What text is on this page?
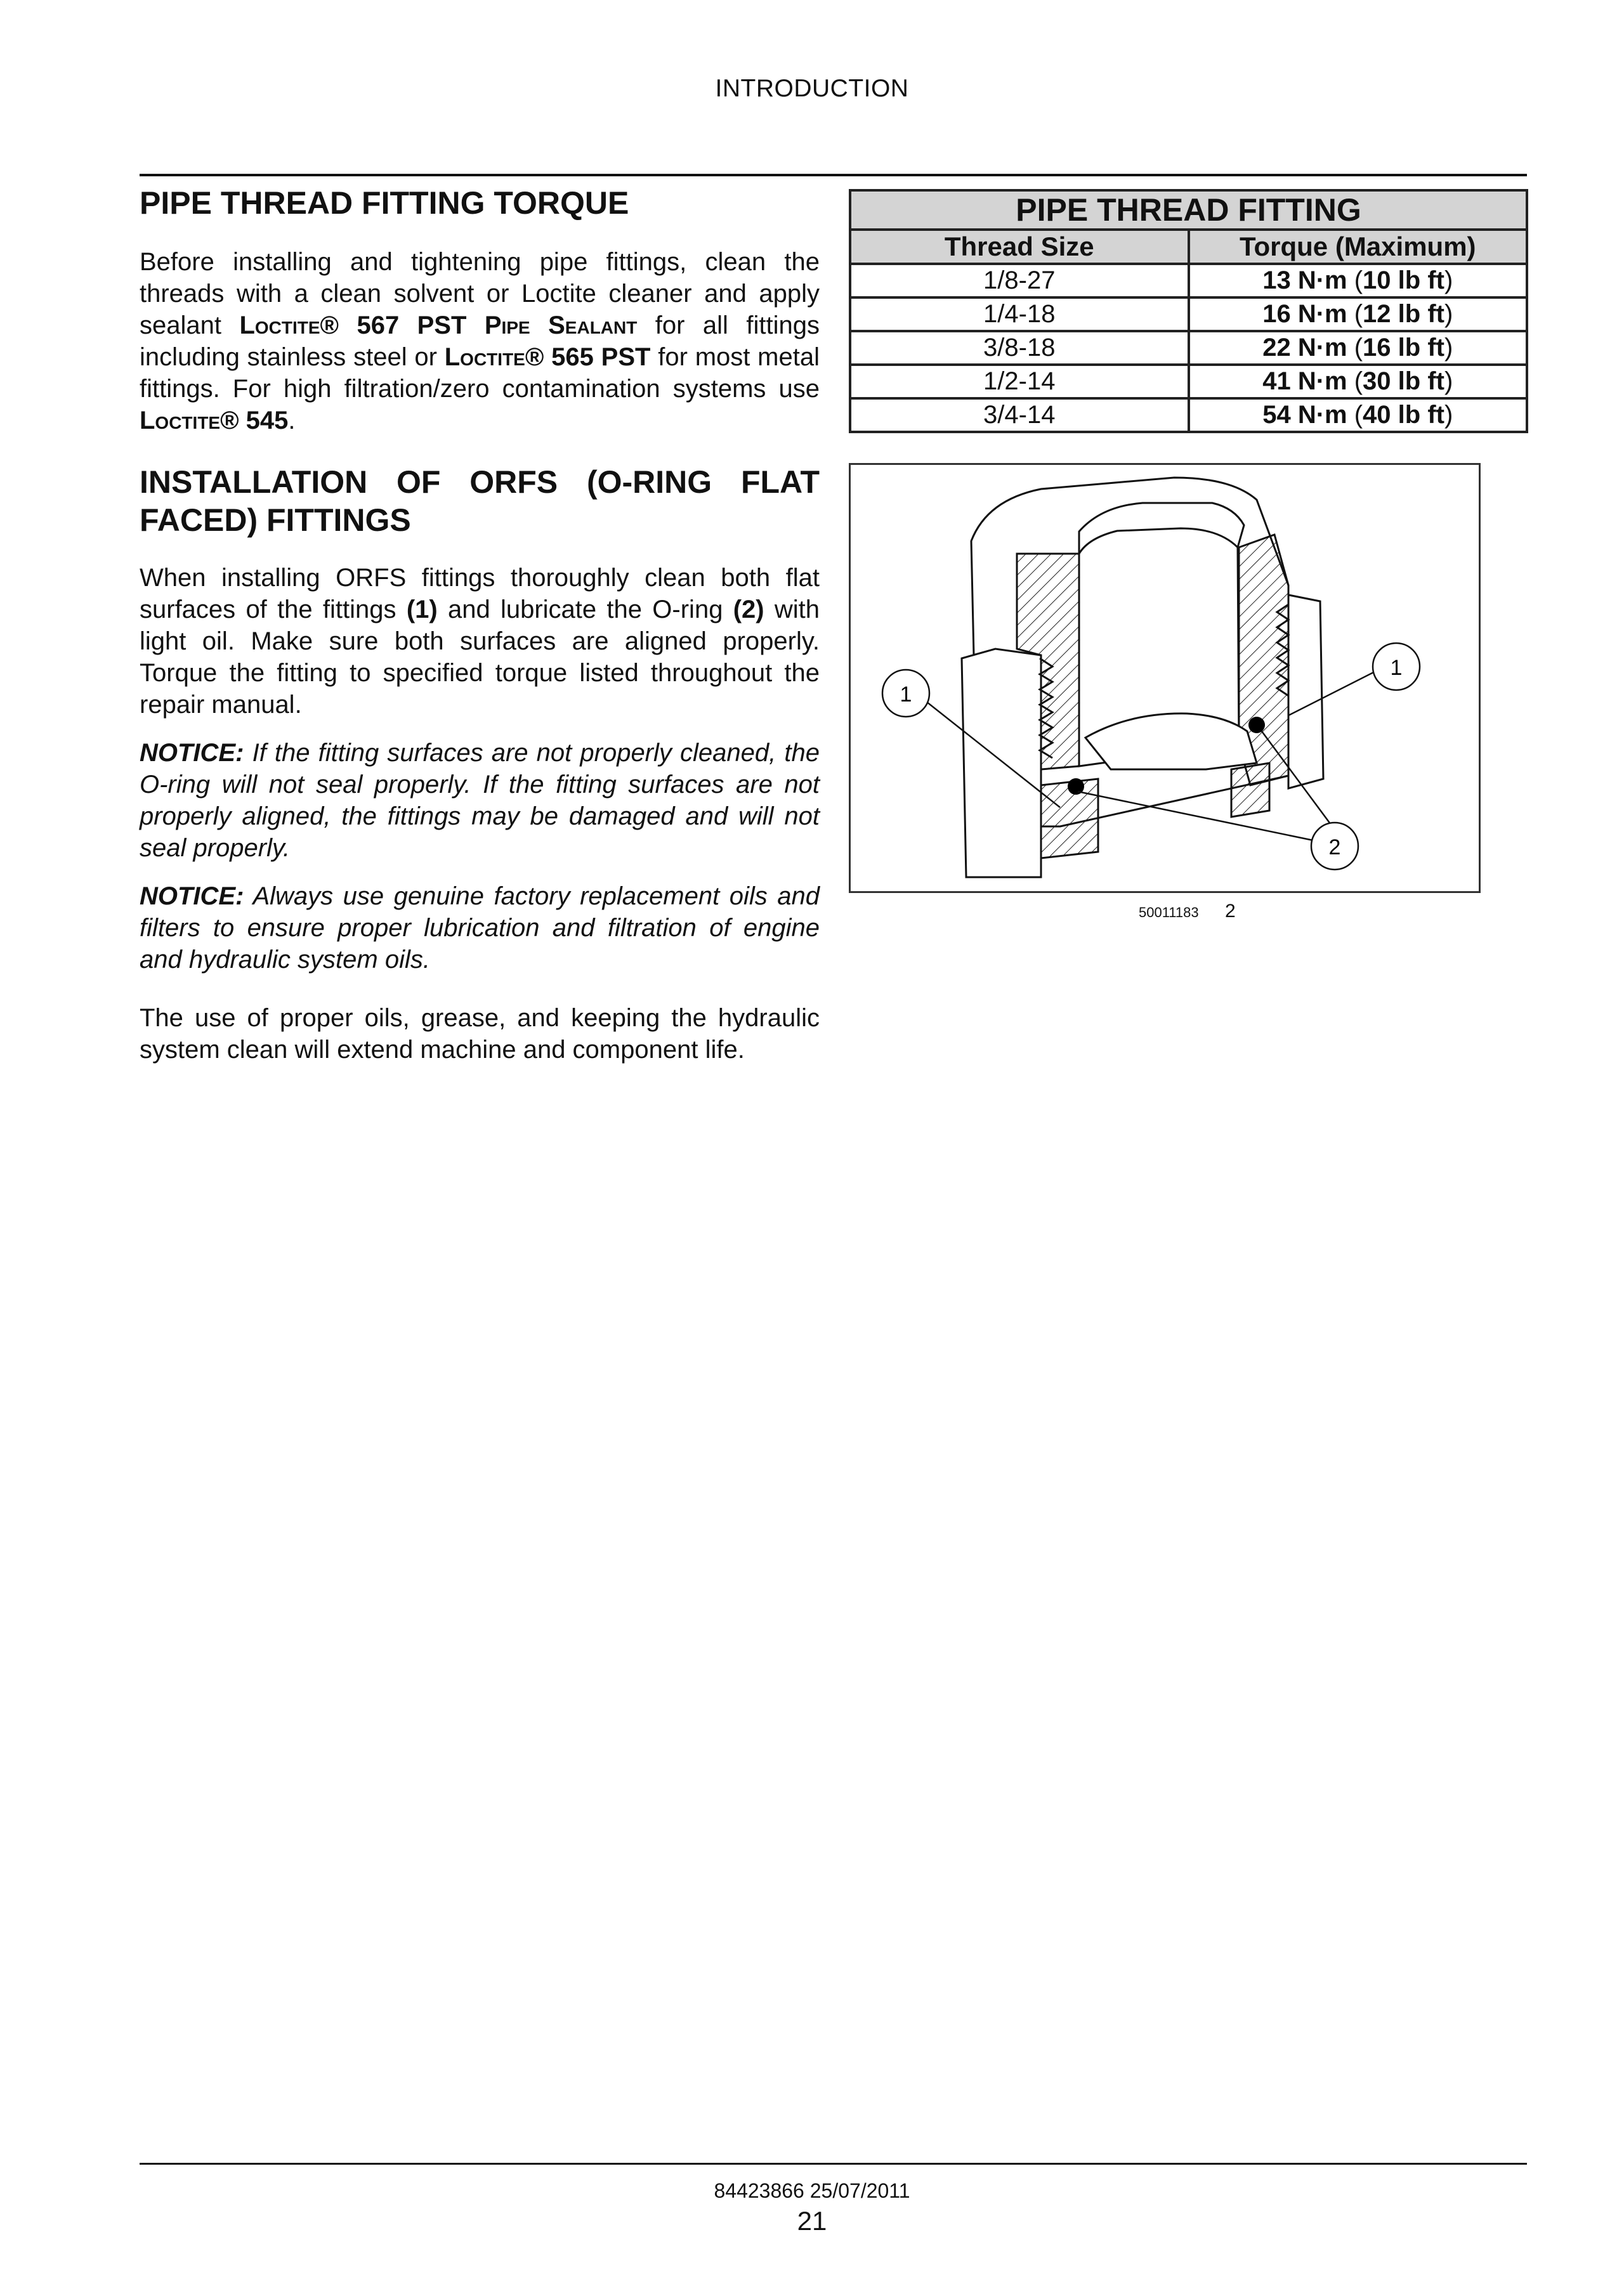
INTRODUCTION
PIPE THREAD FITTING TORQUE

Before installing and tightening pipe fittings, clean the threads with a clean solvent or Loctite cleaner and apply sealant Loctite® 567 PST Pipe Sealant for all fittings including stainless steel or Loctite® 565 PST for most metal fittings. For high filtration/zero contamination systems use Loctite® 545.

INSTALLATION OF ORFS (O-RING FLAT FACED) FITTINGS

When installing ORFS fittings thoroughly clean both flat surfaces of the fittings (1) and lubricate the O-ring (2) with light oil. Make sure both surfaces are aligned properly. Torque the fitting to specified torque listed throughout the repair manual.

NOTICE: If the fitting surfaces are not properly cleaned, the O-ring will not seal properly. If the fitting surfaces are not properly aligned, the fittings may be damaged and will not seal properly.

NOTICE: Always use genuine factory replacement oils and filters to ensure proper lubrication and filtration of engine and hydraulic system oils.

The use of proper oils, grease, and keeping the hydraulic system clean will extend machine and component life.

PIPE THREAD FITTING	
Thread Size	Torque (Maximum)
1/8-27	13 N·m (10 lb ft)
1/4-18	16 N·m (12 lb ft)
3/8-18	22 N·m (16 lb ft)
1/2-14	41 N·m (30 lb ft)
3/4-14	54 N·m (40 lb ft)
1
1
2
50011183 2
84423866 25/07/2011
21
